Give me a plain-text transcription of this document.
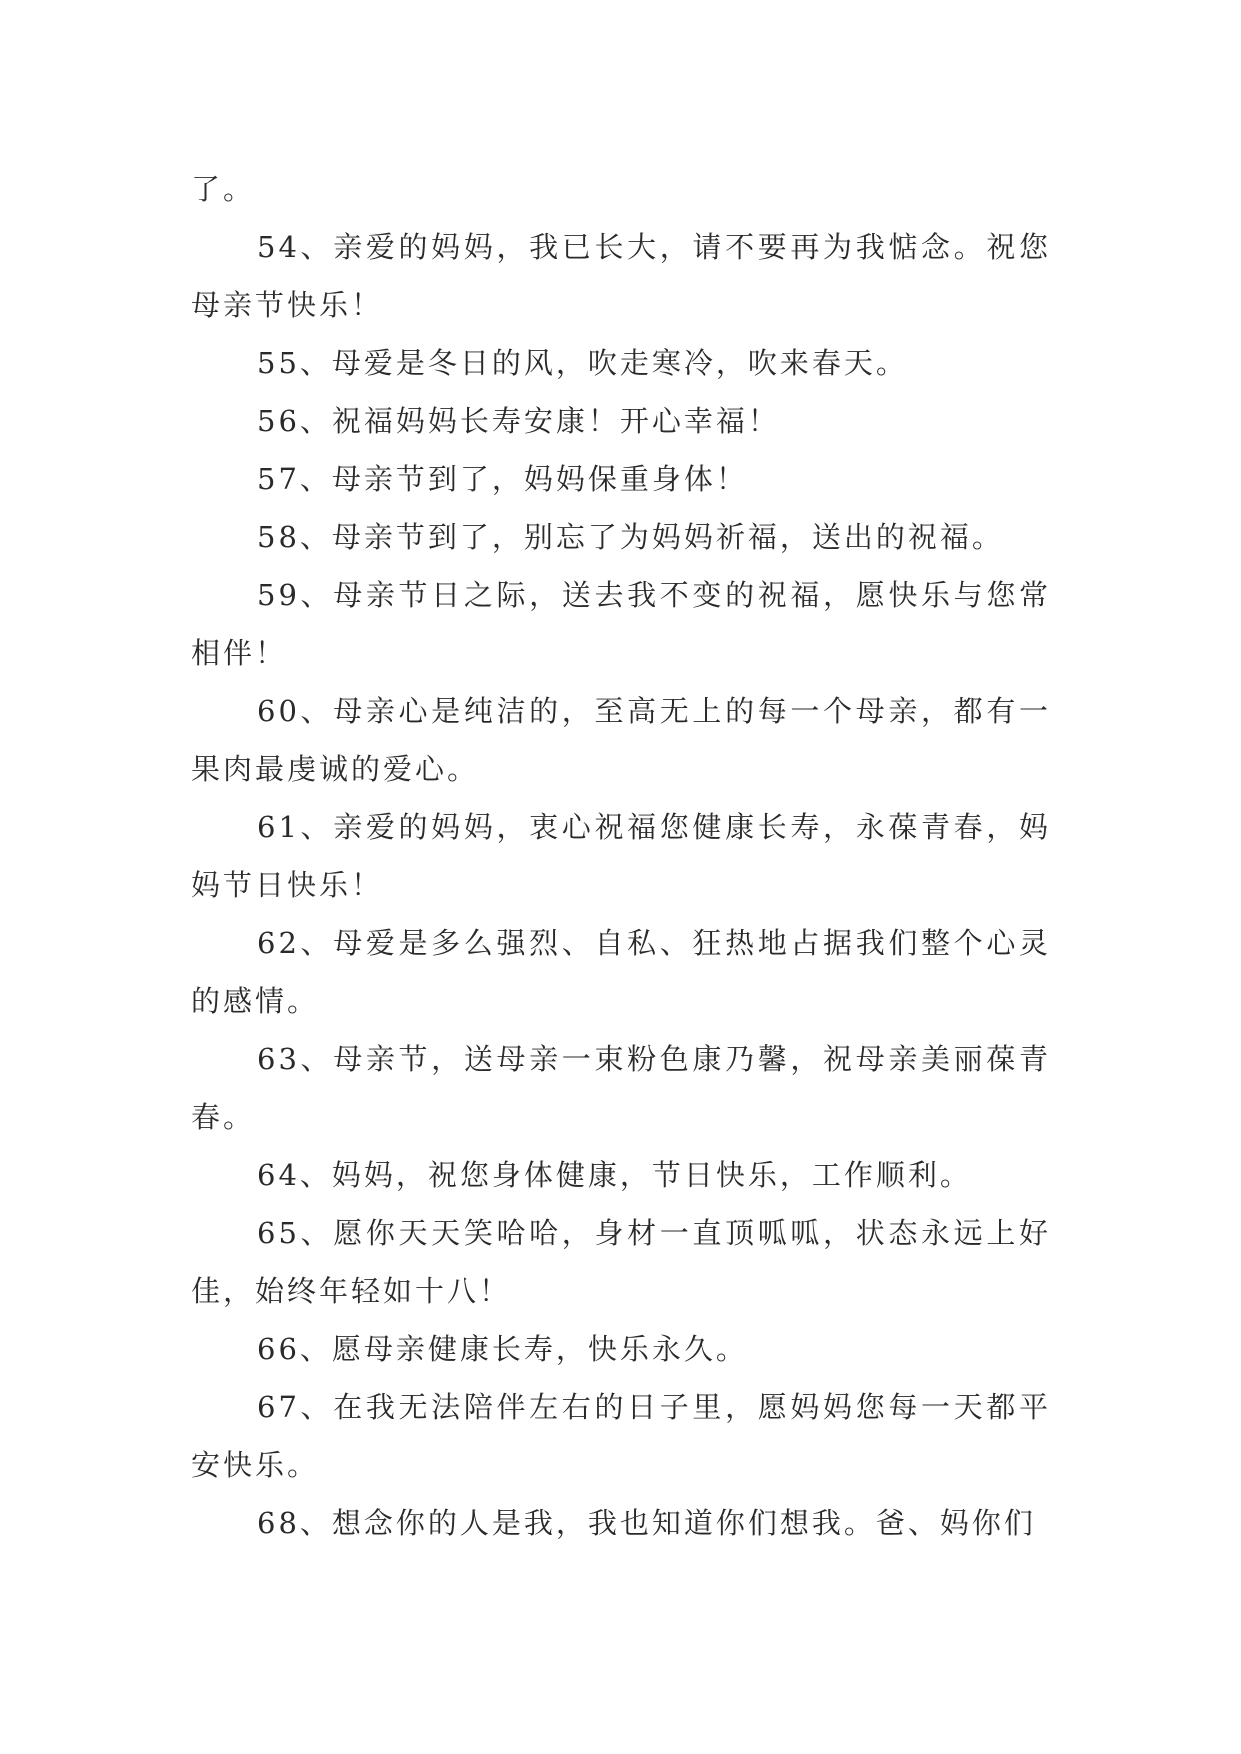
了。

54、亲爱的妈妈，我已长大，请不要再为我惦念。祝您母亲节快乐！

55、母爱是冬日的风，吹走寒冷，吹来春天。

56、祝福妈妈长寿安康！开心幸福！

57、母亲节到了，妈妈保重身体！

58、母亲节到了，别忘了为妈妈祈福，送出的祝福。

59、母亲节日之际，送去我不变的祝福，愿快乐与您常相伴！

60、母亲心是纯洁的，至高无上的每一个母亲，都有一果肉最虔诚的爱心。

61、亲爱的妈妈，衷心祝福您健康长寿，永葆青春，妈妈节日快乐！

62、母爱是多么强烈、自私、狂热地占据我们整个心灵的感情。

63、母亲节，送母亲一束粉色康乃馨，祝母亲美丽葆青春。

64、妈妈，祝您身体健康，节日快乐，工作顺利。

65、愿你天天笑哈哈，身材一直顶呱呱，状态永远上好佳，始终年轻如十八！

66、愿母亲健康长寿，快乐永久。

67、在我无法陪伴左右的日子里，愿妈妈您每一天都平安快乐。

68、想念你的人是我，我也知道你们想我。爸、妈你们
